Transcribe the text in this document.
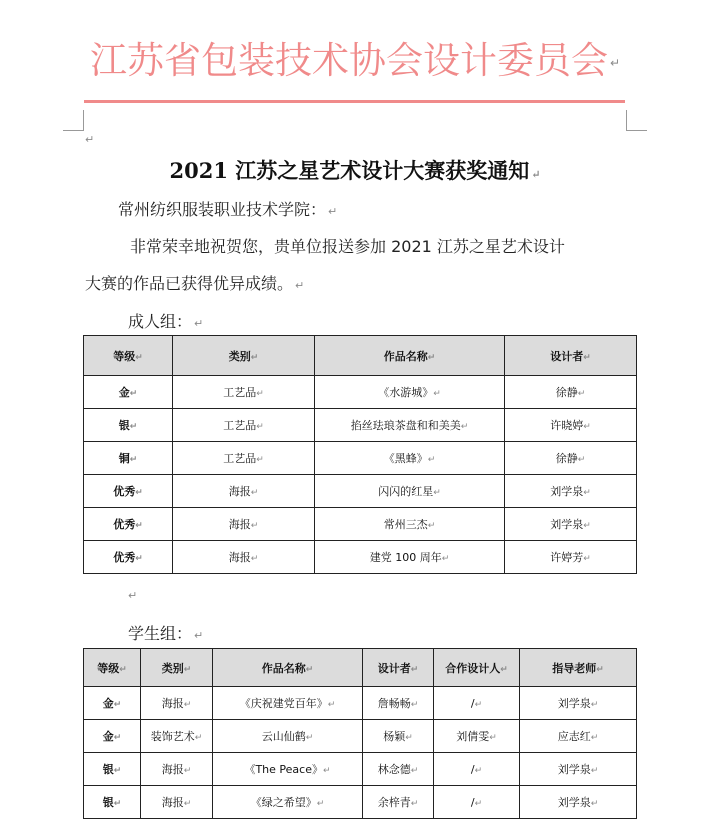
江苏省包装技术协会设计委员会 ↵
↵
2021 江苏之星艺术设计大赛获奖通知 ↵
常州纺织服装职业技术学院： ↵
非常荣幸地祝贺您，贵单位报送参加 2021 江苏之星艺术设计
大赛的作品已获得优异成绩。 ↵
成人组： ↵
等级↵	类别↵	作品名称↵	设计者↵
金↵	工艺品↵	《水游城》↵	徐静↵
银↵	工艺品↵	掐丝珐琅茶盘和和美美↵	许晓婷↵
铜↵	工艺品↵	《黑蜂》↵	徐静↵
优秀↵	海报↵	闪闪的红星↵	刘学泉↵
优秀↵	海报↵	常州三杰↵	刘学泉↵
优秀↵	海报↵	建党 100 周年↵	许婷芳↵
↵
学生组： ↵
等级↵	类别↵	作品名称↵	设计者↵	合作设计人↵	指导老师↵
金↵	海报↵	《庆祝建党百年》↵	詹畅畅↵	/↵	刘学泉↵
金↵	装饰艺术↵	云山仙鹤↵	杨颖↵	刘倩雯↵	应志红↵
银↵	海报↵	《The Peace》↵	林念德↵	/↵	刘学泉↵
银↵	海报↵	《绿之希望》↵	余梓青↵	/↵	刘学泉↵
